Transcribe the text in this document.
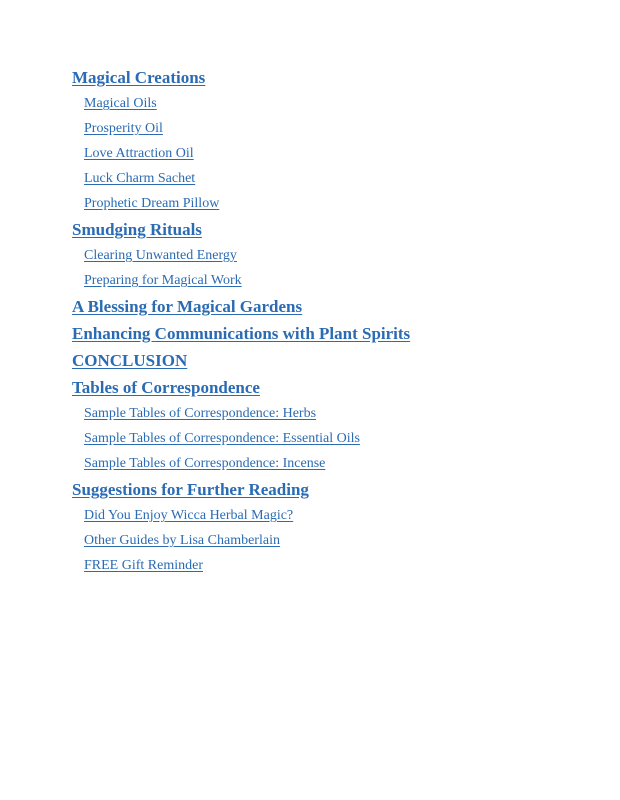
Magical Creations
Magical Oils
Prosperity Oil
Love Attraction Oil
Luck Charm Sachet
Prophetic Dream Pillow
Smudging Rituals
Clearing Unwanted Energy
Preparing for Magical Work
A Blessing for Magical Gardens
Enhancing Communications with Plant Spirits
CONCLUSION
Tables of Correspondence
Sample Tables of Correspondence: Herbs
Sample Tables of Correspondence: Essential Oils
Sample Tables of Correspondence: Incense
Suggestions for Further Reading
Did You Enjoy Wicca Herbal Magic?
Other Guides by Lisa Chamberlain
FREE Gift Reminder
